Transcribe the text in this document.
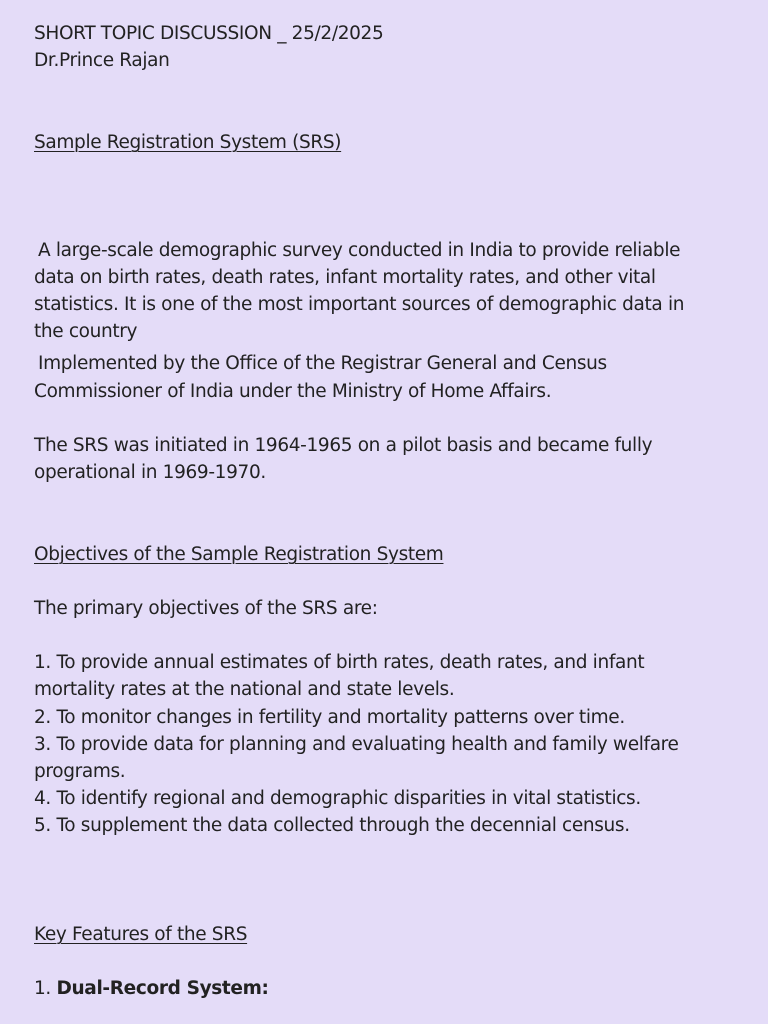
SHORT TOPIC DISCUSSION _ 25/2/2025

Dr.Prince Rajan

Sample Registration System (SRS)

A large-scale demographic survey conducted in India to provide reliable

data on birth rates, death rates, infant mortality rates, and other vital

statistics. It is one of the most important sources of demographic data in

the country

Implemented by the Office of the Registrar General and Census

Commissioner of India under the Ministry of Home Affairs.

The SRS was initiated in 1964-1965 on a pilot basis and became fully

operational in 1969-1970.

Objectives of the Sample Registration System

The primary objectives of the SRS are:

1. To provide annual estimates of birth rates, death rates, and infant

mortality rates at the national and state levels.

2. To monitor changes in fertility and mortality patterns over time.

3. To provide data for planning and evaluating health and family welfare

programs.

4. To identify regional and demographic disparities in vital statistics.

5. To supplement the data collected through the decennial census.

Key Features of the SRS

1. Dual-Record System:
